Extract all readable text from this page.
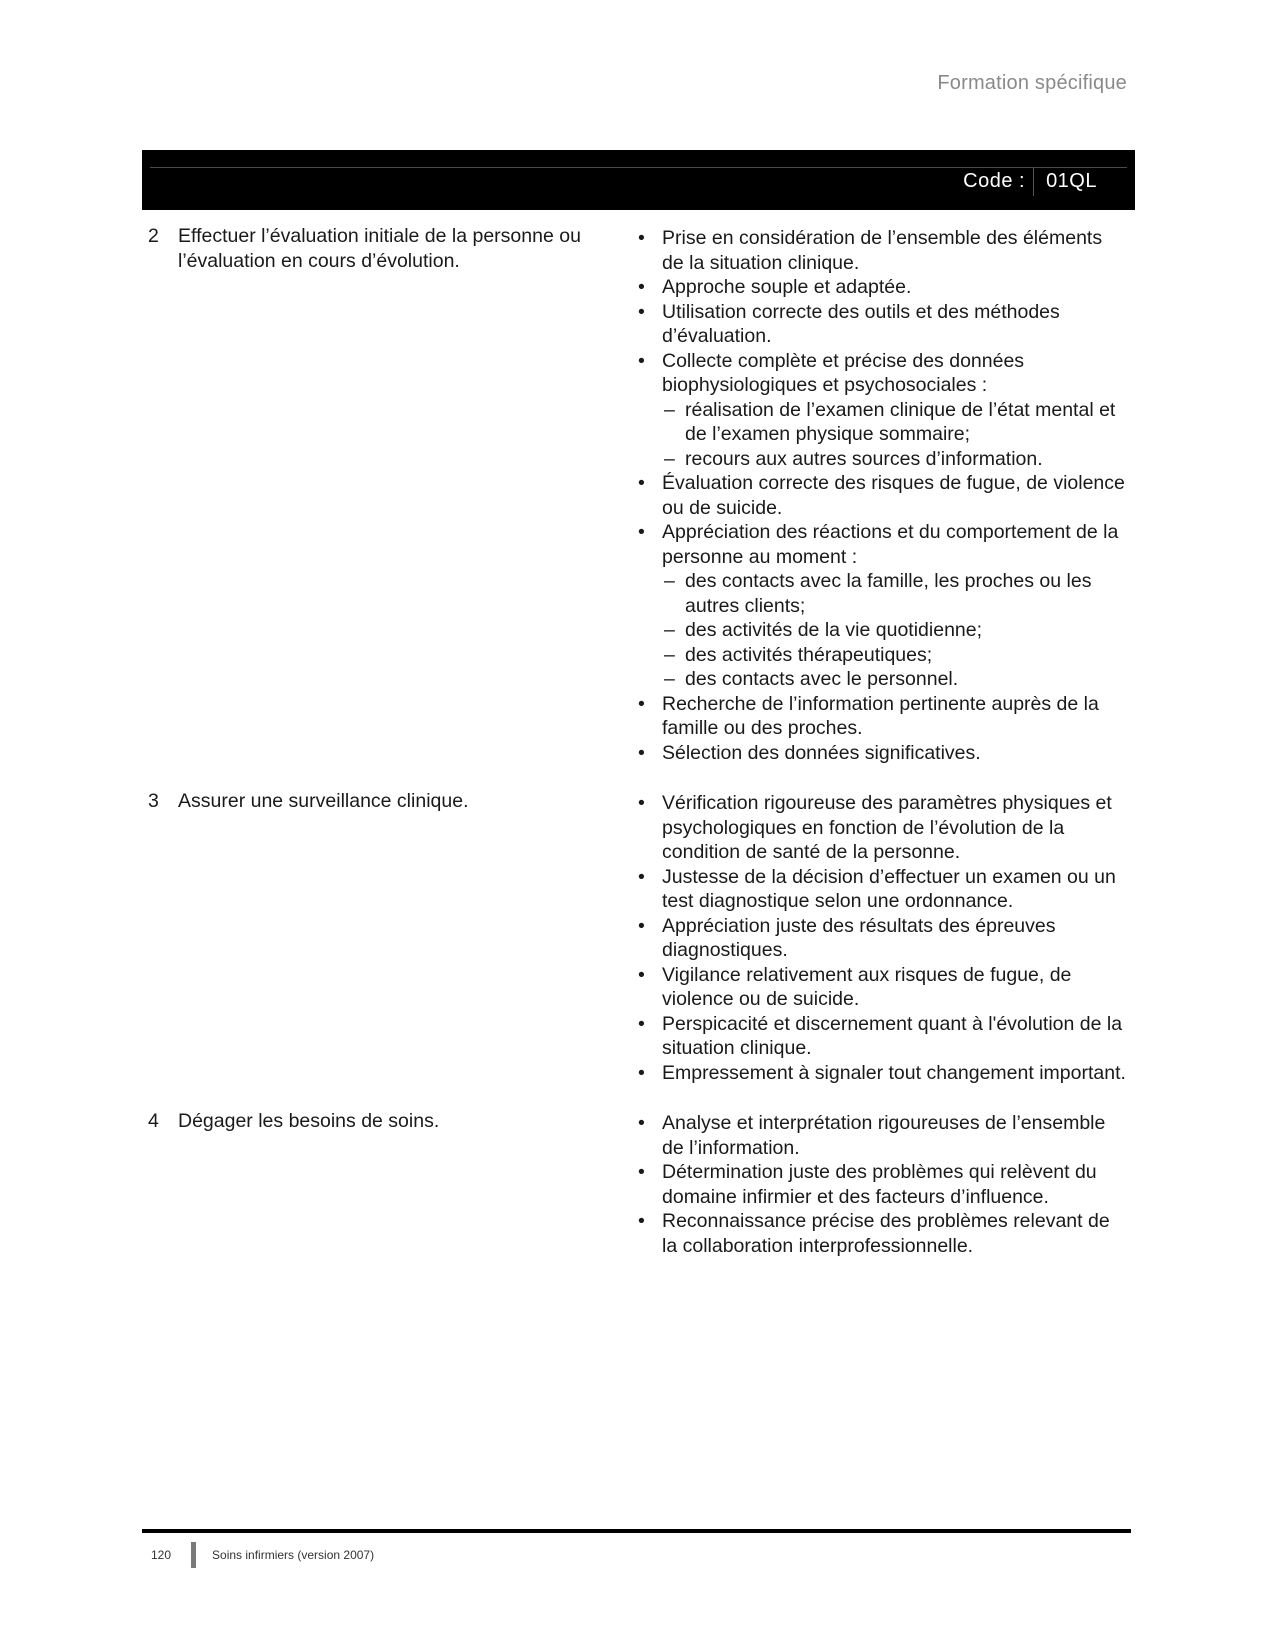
Formation spécifique
Code :	01QL
2 Effectuer l’évaluation initiale de la personne ou l’évaluation en cours d’évolution.
• Prise en considération de l’ensemble des éléments de la situation clinique.
• Approche souple et adaptée.
• Utilisation correcte des outils et des méthodes d’évaluation.
• Collecte complète et précise des données biophysiologiques et psychosociales :
– réalisation de l’examen clinique de l’état mental et de l’examen physique sommaire;
– recours aux autres sources d’information.
• Évaluation correcte des risques de fugue, de violence ou de suicide.
• Appréciation des réactions et du comportement de la personne au moment :
– des contacts avec la famille, les proches ou les autres clients;
– des activités de la vie quotidienne;
– des activités thérapeutiques;
– des contacts avec le personnel.
• Recherche de l’information pertinente auprès de la famille ou des proches.
• Sélection des données significatives.
3 Assurer une surveillance clinique.	• Vérification rigoureuse des paramètres physiques et psychologiques en fonction de l’évolution de la condition de santé de la personne.
• Justesse de la décision d’effectuer un examen ou un test diagnostique selon une ordonnance.
• Appréciation juste des résultats des épreuves diagnostiques.
• Vigilance relativement aux risques de fugue, de violence ou de suicide.
• Perspicacité et discernement quant à l'évolution de la situation clinique.
• Empressement à signaler tout changement important.
4 Dégager les besoins de soins.	• Analyse et interprétation rigoureuses de l’ensemble de l’information.
• Détermination juste des problèmes qui relèvent du domaine infirmier et des facteurs d’influence.
• Reconnaissance précise des problèmes relevant de la collaboration interprofessionnelle.
120	Soins infirmiers (version 2007)
